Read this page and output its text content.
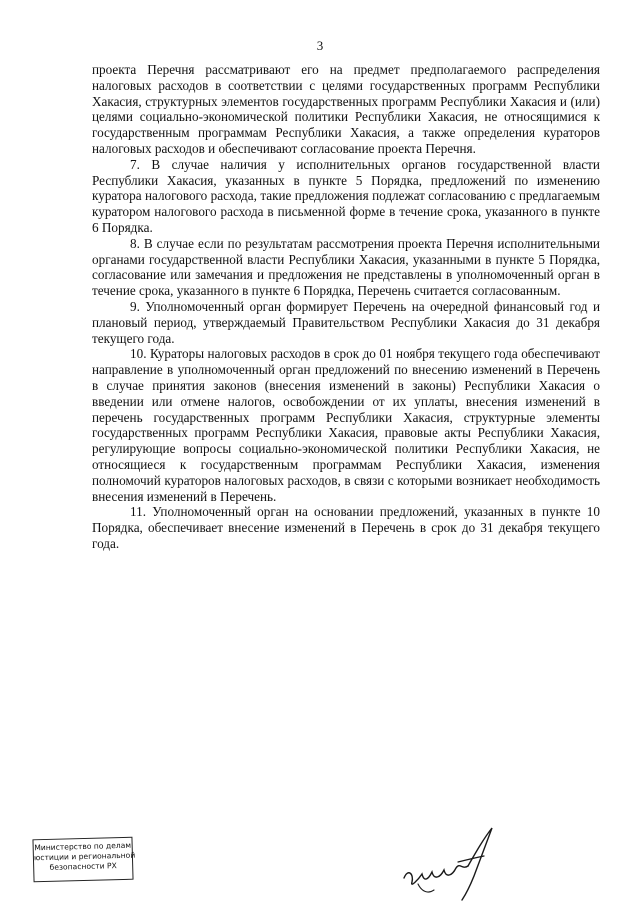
3

проекта Перечня рассматривают его на предмет предполагаемого распределения налоговых расходов в соответствии с целями государственных программ Республики Хакасия, структурных элементов государственных программ Республики Хакасия и (или) целями социально-экономической политики Республики Хакасия, не относящимися к государственным программам Республики Хакасия, а также определения кураторов налоговых расходов и обеспечивают согласование проекта Перечня.

7. В случае наличия у исполнительных органов государственной власти Республики Хакасия, указанных в пункте 5 Порядка, предложений по изменению куратора налогового расхода, такие предложения подлежат согласованию с предлагаемым куратором налогового расхода в письменной форме в течение срока, указанного в пункте 6 Порядка.

8. В случае если по результатам рассмотрения проекта Перечня исполнительными органами государственной власти Республики Хакасия, указанными в пункте 5 Порядка, согласование или замечания и предложения не представлены в уполномоченный орган в течение срока, указанного в пункте 6 Порядка, Перечень считается согласованным.

9. Уполномоченный орган формирует Перечень на очередной финансовый год и плановый период, утверждаемый Правительством Республики Хакасия до 31 декабря текущего года.

10. Кураторы налоговых расходов в срок до 01 ноября текущего года обеспечивают направление в уполномоченный орган предложений по внесению изменений в Перечень в случае принятия законов (внесения изменений в законы) Республики Хакасия о введении или отмене налогов, освобождении от их уплаты, внесения изменений в перечень государственных программ Республики Хакасия, структурные элементы государственных программ Республики Хакасия, правовые акты Республики Хакасия, регулирующие вопросы социально-экономической политики Республики Хакасия, не относящиеся к государственным программам Республики Хакасия, изменения полномочий кураторов налоговых расходов, в связи с которыми возникает необходимость внесения изменений в Перечень.

11. Уполномоченный орган на основании предложений, указанных в пункте 10 Порядка, обеспечивает внесение изменений в Перечень в срок до 31 декабря текущего года.

Министерство по делам
юстиции и региональной
безопасности РХ
